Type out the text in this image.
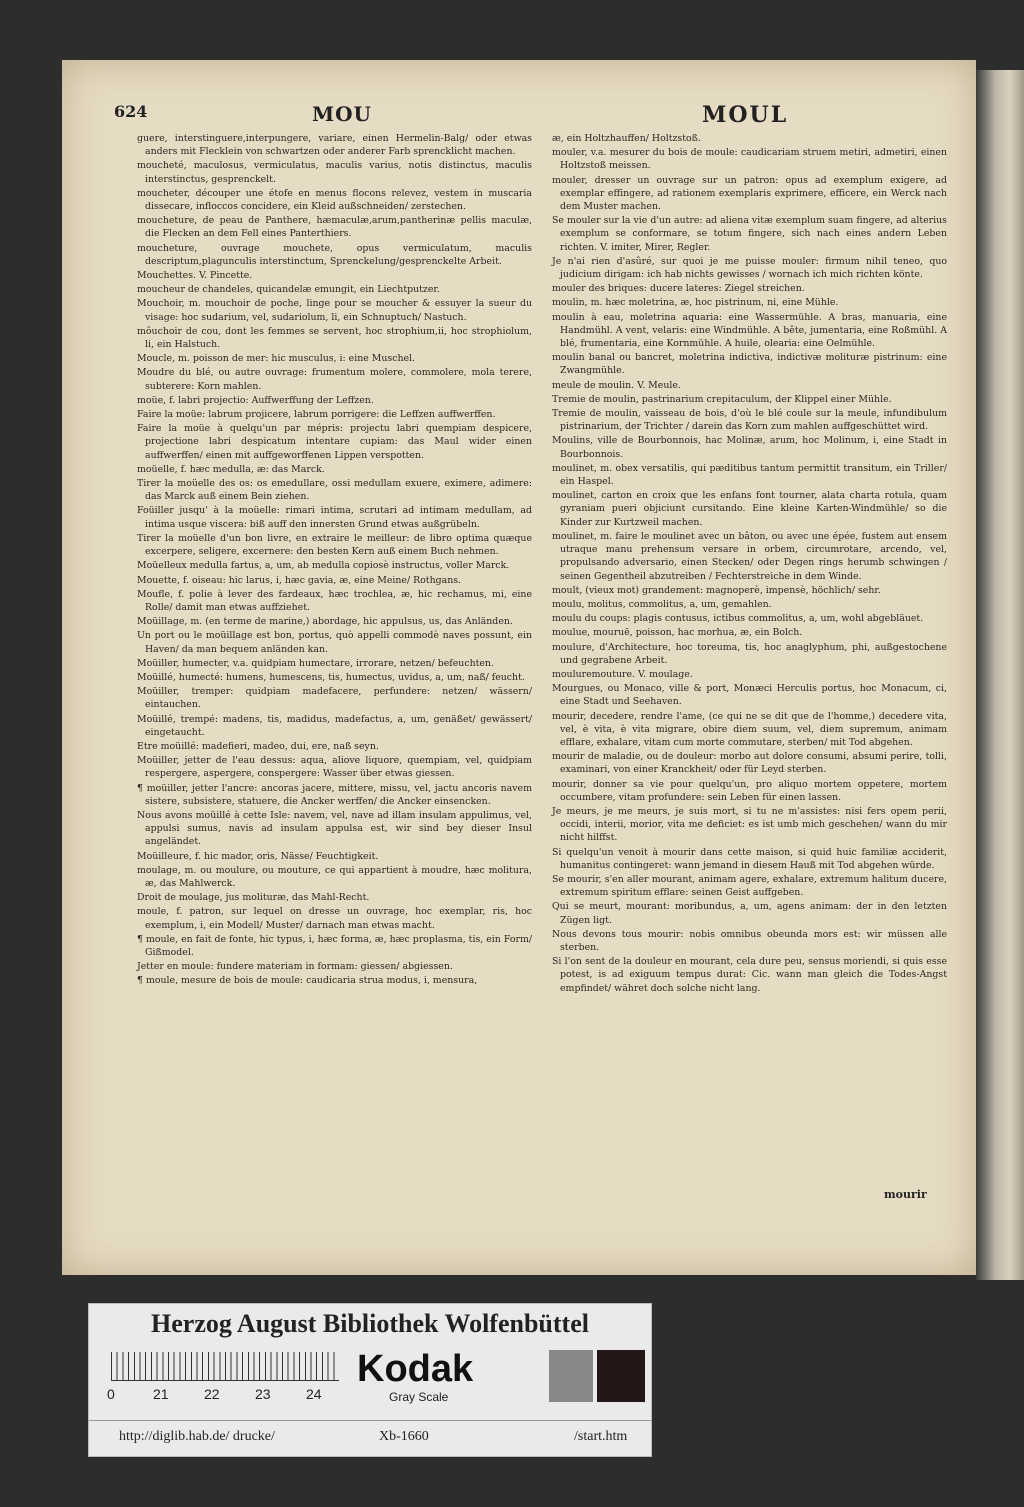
624	MOU	MOUL
guere, interstinguere,interpungere, variare, einen Hermelin-Balg/ oder etwas anders mit Flecklein von schwartzen oder anderer Farb sprencklicht machen.
moucheté, maculosus, vermiculatus, maculis varius, notis distinctus, maculis interstinctus, gesprenckelt.
moucheter, découper une étofe en menus flocons relevez, vestem in muscaria dissecare, infloccos concidere, ein Kleid außschneiden/ zerstechen.
moucheture, de peau de Panthere, hæmaculæ,arum,pantherinæ pellis maculæ, die Flecken an dem Fell eines Panterthiers.
moucheture, ouvrage mouchete, opus vermiculatum, maculis descriptum,plagunculis interstinctum, Sprenckelung/gesprenckelte Arbeit.
Mouchettes. V. Pincette.
moucheur de chandeles, quicandelæ emungit, ein Liechtputzer.
Mouchoir, m. mouchoir de poche, linge pour se moucher & essuyer la sueur du visage: hoc sudarium, vel, sudariolum, li, ein Schnuptuch/ Nastuch.
môuchoir de cou, dont les femmes se servent, hoc strophium,ii, hoc strophiolum, li, ein Halstuch.
Moucle, m. poisson de mer: hic musculus, i: eine Muschel.
Moudre du blé, ou autre ouvrage: frumentum molere, commolere, mola terere, subterere: Korn mahlen.
moüe, f. labri projectio: Auffwerffung der Leffzen.
Faire la moüe: labrum projicere, labrum porrigere: die Leffzen auffwerffen.
Faire la moüe à quelqu'un par mépris: projectu labri quempiam despicere, projectione labri despicatum intentare cupiam: das Maul wider einen auffwerffen/ einen mit auffgeworffenen Lippen verspotten.
moüelle, f. hæc medulla, æ: das Marck.
Tirer la moüelle des os: os emedullare, ossi medullam exuere, eximere, adimere: das Marck auß einem Bein ziehen.
Foüiller jusqu' à la moüelle: rimari intima, scrutari ad intimam medullam, ad intima usque viscera: biß auff den innersten Grund etwas außgrübeln.
Tirer la moüelle d'un bon livre, en extraire le meilleur: de libro optima quæque excerpere, seligere, excernere: den besten Kern auß einem Buch nehmen.
Moüelleux medulla fartus, a, um, ab medulla copiosè instructus, voller Marck.
Mouette, f. oiseau: hic larus, i, hæc gavia, æ, eine Meine/ Rothgans.
Moufle, f. polie à lever des fardeaux, hæc trochlea, æ, hic rechamus, mi, eine Rolle/ damit man etwas auffziehet.
Moüillage, m. (en terme de marine,) abordage, hic appulsus, us, das Anländen.
Un port ou le moüillage est bon, portus, quò appelli commodè naves possunt, ein Haven/ da man bequem anländen kan.
Moüiller, humecter, v.a. quidpiam humectare, irrorare, netzen/ befeuchten.
Moüillé, humecté: humens, humescens, tis, humectus, uvidus, a, um, naß/ feucht.
Moüiller, tremper: quidpiam madefacere, perfundere: netzen/ wässern/ eintauchen.
Moüillé, trempé: madens, tis, madidus, madefactus, a, um, genäßet/ gewässert/ eingetaucht.
Etre moüillé: madefieri, madeo, dui, ere, naß seyn.
Moüiller, jetter de l'eau dessus: aqua, aliove liquore, quempiam, vel, quidpiam respergere, aspergere, conspergere: Wasser über etwas giessen.
¶ moüiller, jetter l'ancre: ancoras jacere, mittere, missu, vel, jactu ancoris navem sistere, subsistere, statuere, die Ancker werffen/ die Ancker einsencken.
Nous avons moüillé à cette Isle: navem, vel, nave ad illam insulam appulimus, vel, appulsi sumus, navis ad insulam appulsa est, wir sind bey dieser Insul angeländet.
Moüilleure, f. hic mador, oris, Nässe/ Feuchtigkeit.
moulage, m. ou moulure, ou mouture, ce qui appartient à moudre, hæc molitura, æ, das Mahlwerck.
Droit de moulage, jus molituræ, das Mahl-Recht.
moule, f. patron, sur lequel on dresse un ouvrage, hoc exemplar, ris, hoc exemplum, i, ein Modell/ Muster/ darnach man etwas macht.
¶ moule, en fait de fonte, hic typus, i, hæc forma, æ, hæc proplasma, tis, ein Form/ Gißmodel.
Jetter en moule: fundere materiam in formam: giessen/ abgiessen.
¶ moule, mesure de bois de moule: caudicaria strua modus, i, mensura,
æ, ein Holtzhauffen/ Holtzstoß.
mouler, v.a. mesurer du bois de moule: caudicariam struem metiri, admetiri, einen Holtzstoß meissen.
mouler, dresser un ouvrage sur un patron: opus ad exemplum exigere, ad exemplar effingere, ad rationem exemplaris exprimere, efficere, ein Werck nach dem Muster machen.
Se mouler sur la vie d'un autre: ad aliena vitæ exemplum suam fingere, ad alterius exemplum se conformare, se totum fingere, sich nach eines andern Leben richten. V. imiter, Mirer, Regler.
Je n'ai rien d'asûré, sur quoi je me puisse mouler: firmum nihil teneo, quo judicium dirigam: ich hab nichts gewisses / wornach ich mich richten könte.
mouler des briques: ducere lateres: Ziegel streichen.
moulin, m. hæc moletrina, æ, hoc pistrinum, ni, eine Mühle.
moulin à eau, moletrina aquaria: eine Wassermühle. A bras, manuaria, eine Handmühl. A vent, velaris: eine Windmühle. A bête, jumentaria, eine Roßmühl. A blé, frumentaria, eine Kornmühle. A huile, olearia: eine Oelmühle.
moulin banal ou bancret, moletrina indictiva, indictivæ molituræ pistrinum: eine Zwangmühle.
meule de moulin. V. Meule.
Tremie de moulin, pastrinarium crepitaculum, der Klippel einer Mühle.
Tremie de moulin, vaisseau de bois, d'où le blé coule sur la meule, infundibulum pistrinarium, der Trichter / darein das Korn zum mahlen auffgeschüttet wird.
Moulins, ville de Bourbonnois, hac Molinæ, arum, hoc Molinum, i, eine Stadt in Bourbonnois.
moulinet, m. obex versatilis, qui pæditibus tantum permittit transitum, ein Triller/ ein Haspel.
moulinet, carton en croix que les enfans font tourner, alata charta rotula, quam gyraniam pueri objiciunt cursitando. Eine kleine Karten-Windmühle/ so die Kinder zur Kurtzweil machen.
moulinet, m. faire le moulinet avec un bâton, ou avec une épée, fustem aut ensem utraque manu prehensum versare in orbem, circumrotare, arcendo, vel, propulsando adversario, einen Stecken/ oder Degen rings herumb schwingen / seinen Gegentheil abzutreiben / Fechterstreiche in dem Winde.
moult, (vieux mot) grandement: magnoperè, impensè, höchlich/ sehr.
moulu, molitus, commolitus, a, um, gemahlen.
moulu du coups: plagis contusus, ictibus commolitus, a, um, wohl abgebläuet.
moulue, mouruë, poisson, hac morhua, æ, ein Bolch.
moulure, d'Architecture, hoc toreuma, tis, hoc anaglyphum, phi, außgestochene und gegrabene Arbeit.
mouluremouture. V. moulage.
Mourgues, ou Monaco, ville & port, Monæci Herculis portus, hoc Monacum, ci, eine Stadt und Seehaven.
mourir, decedere, rendre l'ame, (ce qui ne se dit que de l'homme,) decedere vita, vel, è vita, è vita migrare, obire diem suum, vel, diem supremum, animam efflare, exhalare, vitam cum morte commutare, sterben/ mit Tod abgehen.
mourir de maladie, ou de douleur: morbo aut dolore consumi, absumi perire, tolli, examinari, von einer Kranckheit/ oder für Leyd sterben.
mourir, donner sa vie pour quelqu'un, pro aliquo mortem oppetere, mortem occumbere, vitam profundere: sein Leben für einen lassen.
Je meurs, je me meurs, je suis mort, si tu ne m'assistes: nisi fers opem perii, occidi, interii, morior, vita me deficiet: es ist umb mich geschehen/ wann du mir nicht hilffst.
Si quelqu'un venoit à mourir dans cette maison, si quid huic familiæ acciderit, humanitus contingeret: wann jemand in diesem Hauß mit Tod abgehen würde.
Se mourir, s'en aller mourant, animam agere, exhalare, extremum halitum ducere, extremum spiritum efflare: seinen Geist auffgeben.
Qui se meurt, mourant: moribundus, a, um, agens animam: der in den letzten Zügen ligt.
Nous devons tous mourir: nobis omnibus obeunda mors est: wir müssen alle sterben.
Si l'on sent de la douleur en mourant, cela dure peu, sensus moriendi, si quis esse potest, is ad exiguum tempus durat: Cic. wann man gleich die Todes-Angst empfindet/ währet doch solche nicht lang.
mourir
Herzog August Bibliothek Wolfenbüttel
0	21	22	23	24
Kodak
Gray Scale
http://diglib.hab.de/ drucke/	Xb-1660	/start.htm
